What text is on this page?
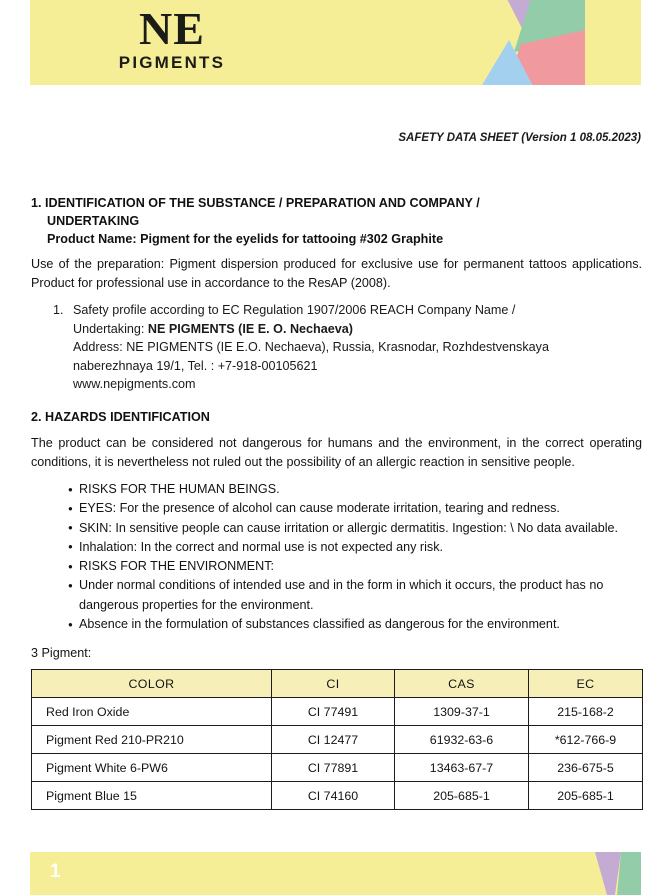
NE
PIGMENTS
SAFETY DATA SHEET (Version 1 08.05.2023)
1. IDENTIFICATION OF THE SUBSTANCE / PREPARATION AND COMPANY /
UNDERTAKING
Product Name: Pigment for the eyelids for tattooing #302 Graphite

Use of the preparation: Pigment dispersion produced for exclusive use for permanent tattoos applications. Product for professional use in accordance to the ResAP (2008).

1. Safety profile according to EC Regulation 1907/2006 REACH Company Name /
Undertaking: NE PIGMENTS (IE E. O. Nechaeva)
Address: NE PIGMENTS (IE E.O. Nechaeva), Russia, Krasnodar, Rozhdestvenskaya
naberezhnaya 19/1, Tel. : +7-918-00105621
www.nepigments.com
2. HAZARDS IDENTIFICATION

The product can be considered not dangerous for humans and the environment, in the correct operating conditions, it is nevertheless not ruled out the possibility of an allergic reaction in sensitive people.

● RISKS FOR THE HUMAN BEINGS.
● EYES: For the presence of alcohol can cause moderate irritation, tearing and redness.
● SKIN: In sensitive people can cause irritation or allergic dermatitis. Ingestion: \ No data available.
● Inhalation: In the correct and normal use is not expected any risk.
● RISKS FOR THE ENVIRONMENT:
● Under normal conditions of intended use and in the form in which it occurs, the product has no dangerous properties for the environment.
● Absence in the formulation of substances classified as dangerous for the environment.
3 Pigment:
COLOR	CI	CAS	EC
Red Iron Oxide	CI 77491	1309-37-1	215-168-2
Pigment Red 210-PR210	CI 12477	61932-63-6	*612-766-9
Pigment White 6-PW6	CI 77891	13463-67-7	236-675-5
Pigment Blue 15	CI 74160	205-685-1	205-685-1
1
